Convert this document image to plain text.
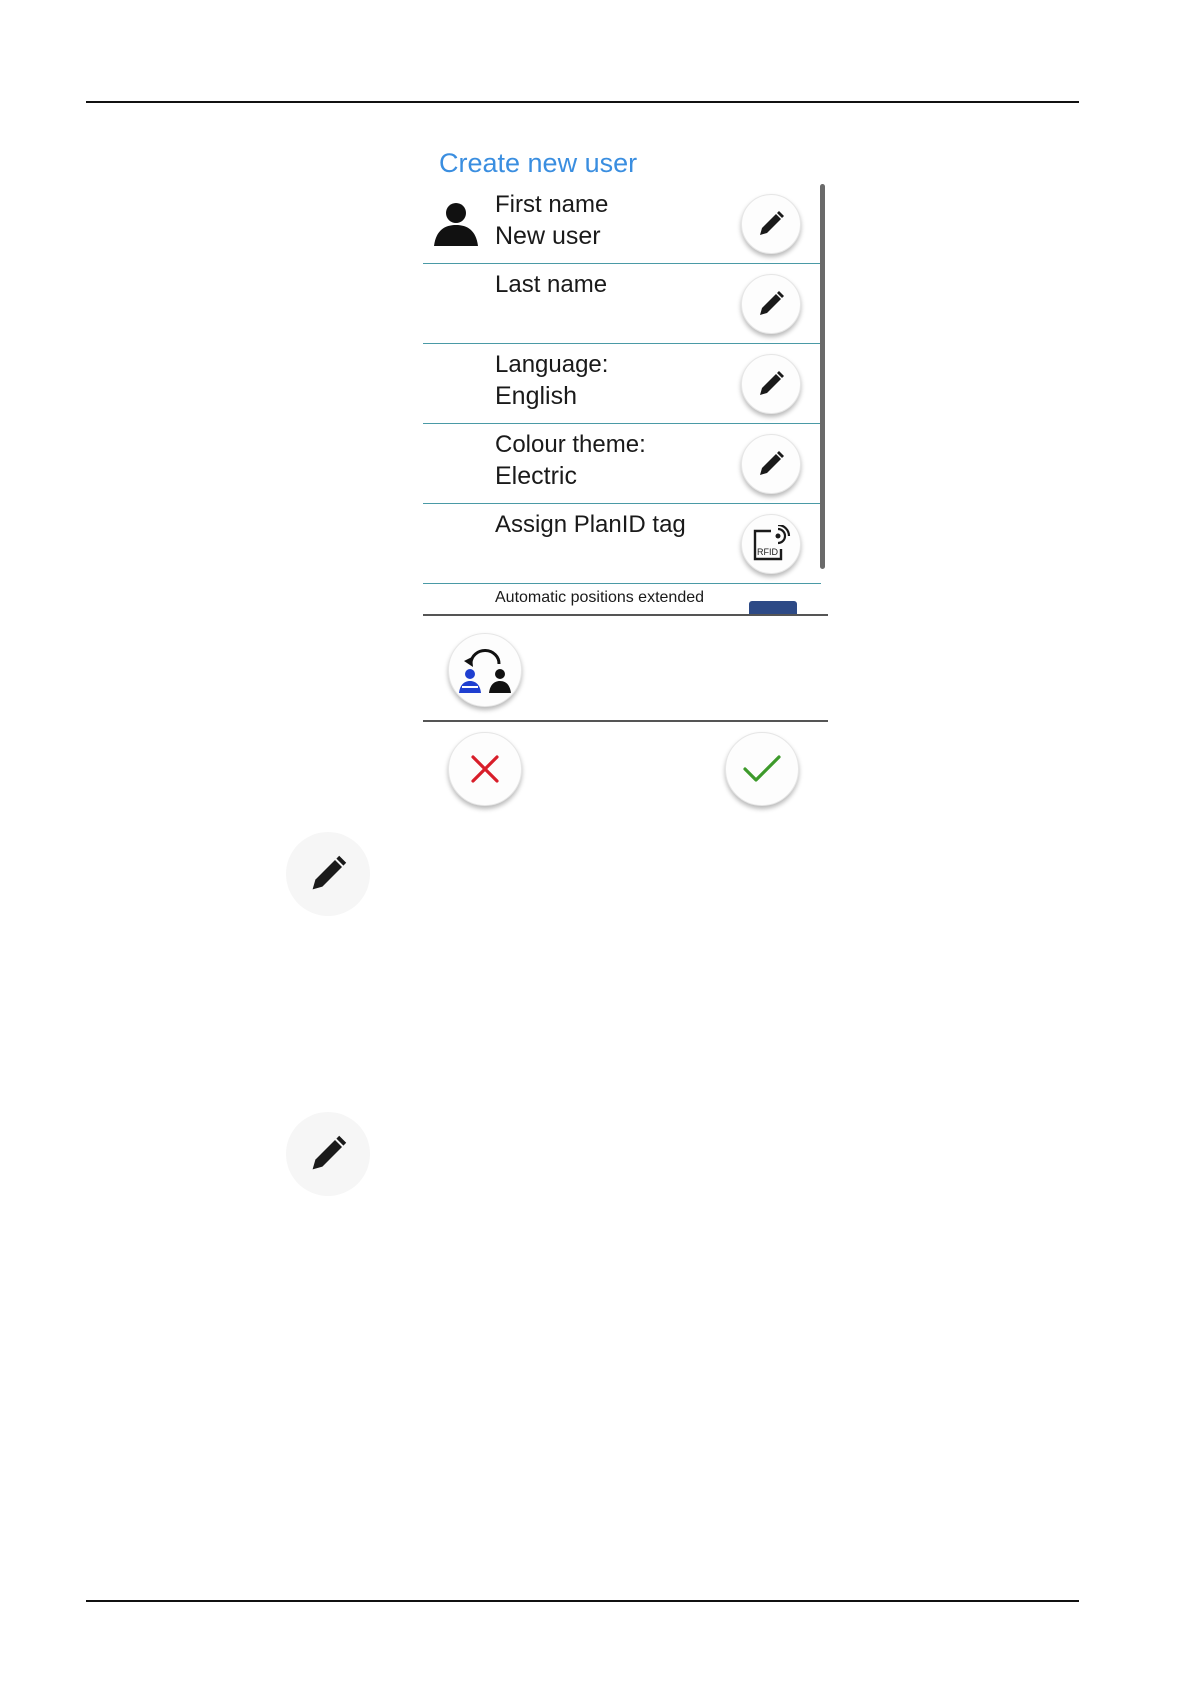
Create new user
First name
New user
Last name
Language:
English
Colour theme:
Electric
Assign PlanID tag
RFID
Automatic positions extended
